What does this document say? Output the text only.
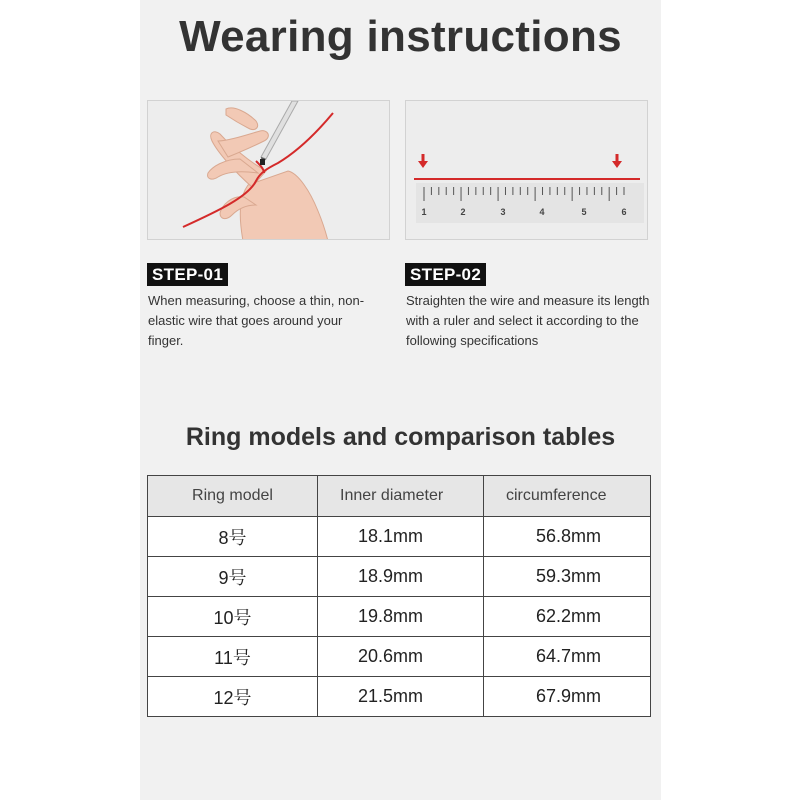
Wearing instructions
1	2	3	4	5	6
STEP-01
When measuring, choose a thin, non-elastic wire that goes around your finger.
STEP-02
Straighten the wire and measure its length with a ruler and select it according to the following specifications
Ring models and comparison tables
Ring model	Inner diameter	circumference
8号	18.1mm	56.8mm
9号	18.9mm	59.3mm
10号	19.8mm	62.2mm
11号	20.6mm	64.7mm
12号	21.5mm	67.9mm
